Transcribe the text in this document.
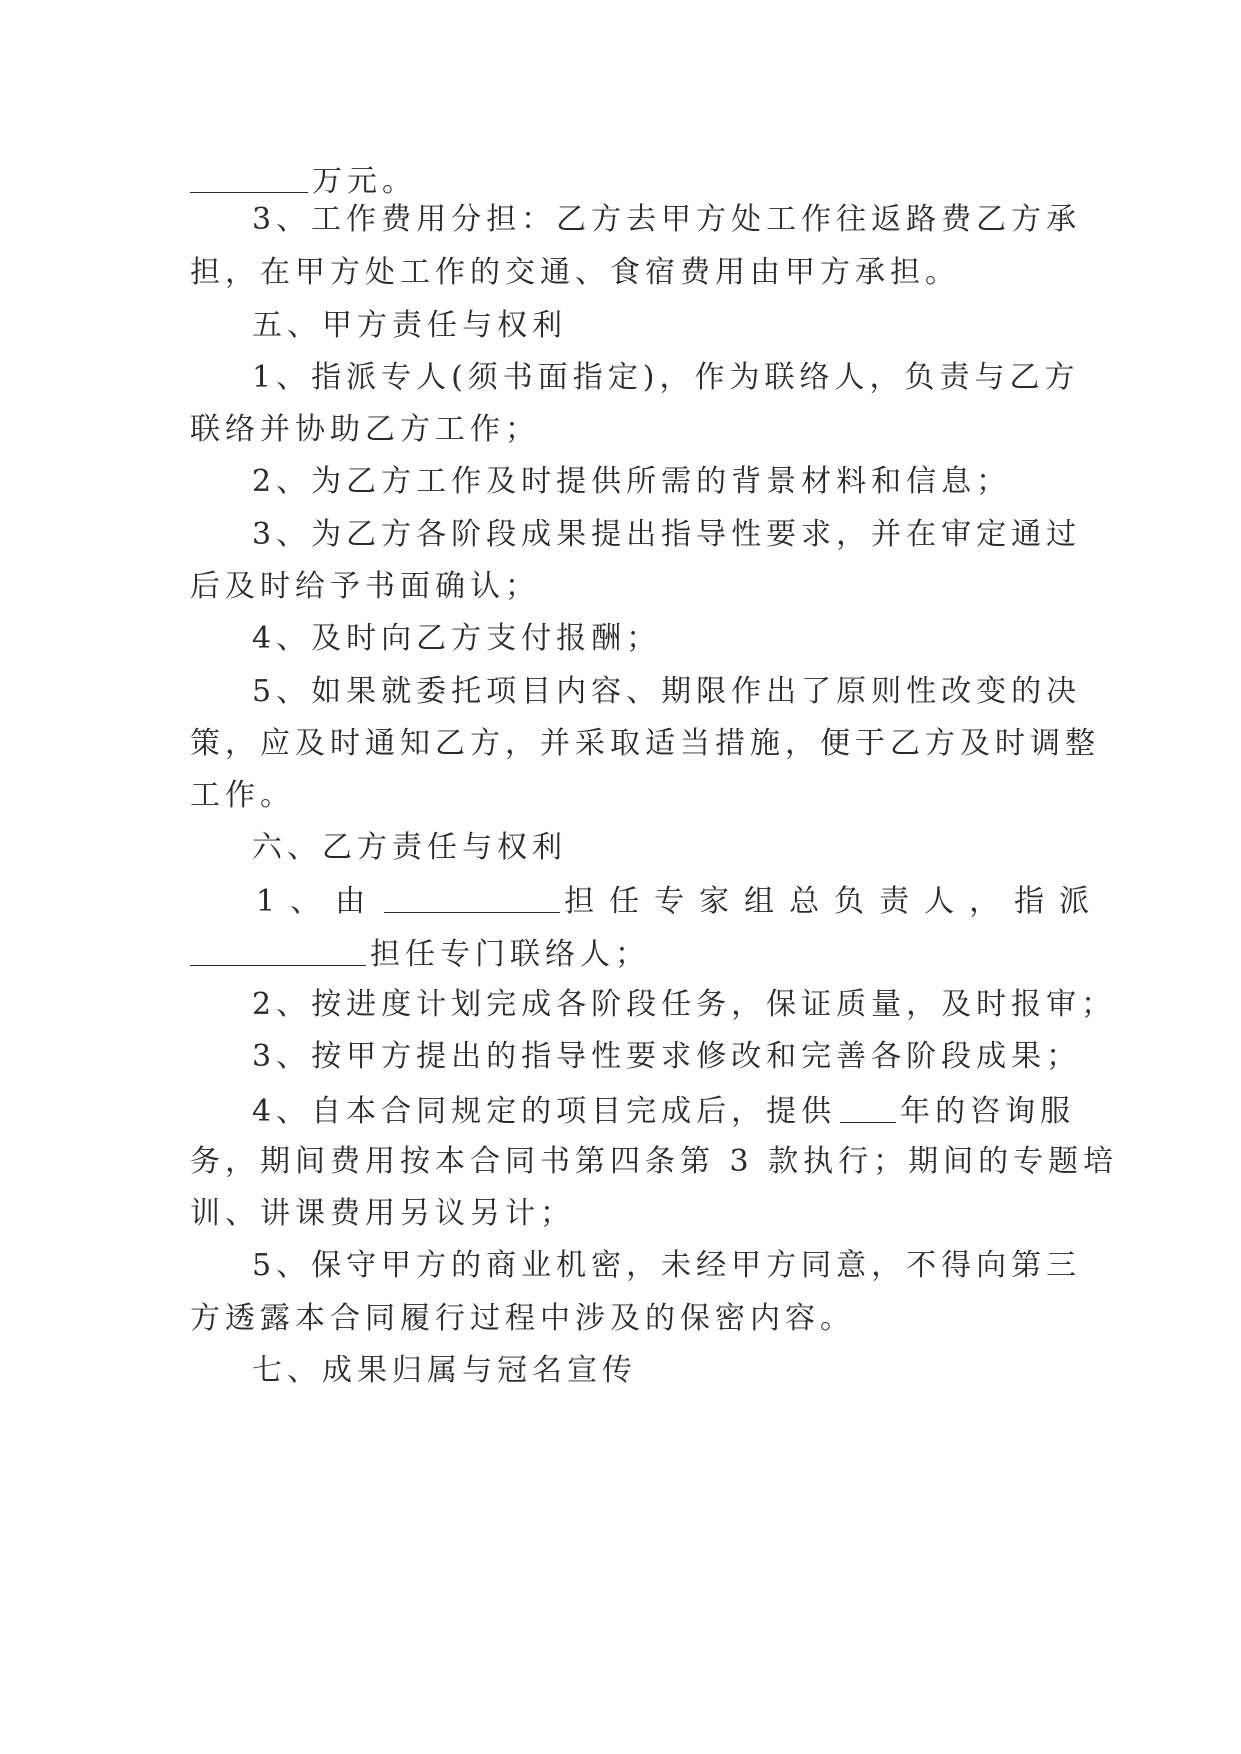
万元。
3、工作费用分担：乙方去甲方处工作往返路费乙方承
担，在甲方处工作的交通、食宿费用由甲方承担。
五、甲方责任与权利
1、指派专人(须书面指定)，作为联络人，负责与乙方
联络并协助乙方工作；
2、为乙方工作及时提供所需的背景材料和信息；
3、为乙方各阶段成果提出指导性要求，并在审定通过
后及时给予书面确认；
4、及时向乙方支付报酬；
5、如果就委托项目内容、期限作出了原则性改变的决
策，应及时通知乙方，并采取适当措施，便于乙方及时调整
工作。
六、乙方责任与权利
1、由	担任专家组总负责人，指派
担任专门联络人；
2、按进度计划完成各阶段任务，保证质量，及时报审；
3、按甲方提出的指导性要求修改和完善各阶段成果；
4、自本合同规定的项目完成后，提供 年的咨询服
务，期间费用按本合同书第四条第 3 款执行；期间的专题培
训、讲课费用另议另计；
5、保守甲方的商业机密，未经甲方同意，不得向第三
方透露本合同履行过程中涉及的保密内容。
七、成果归属与冠名宣传
